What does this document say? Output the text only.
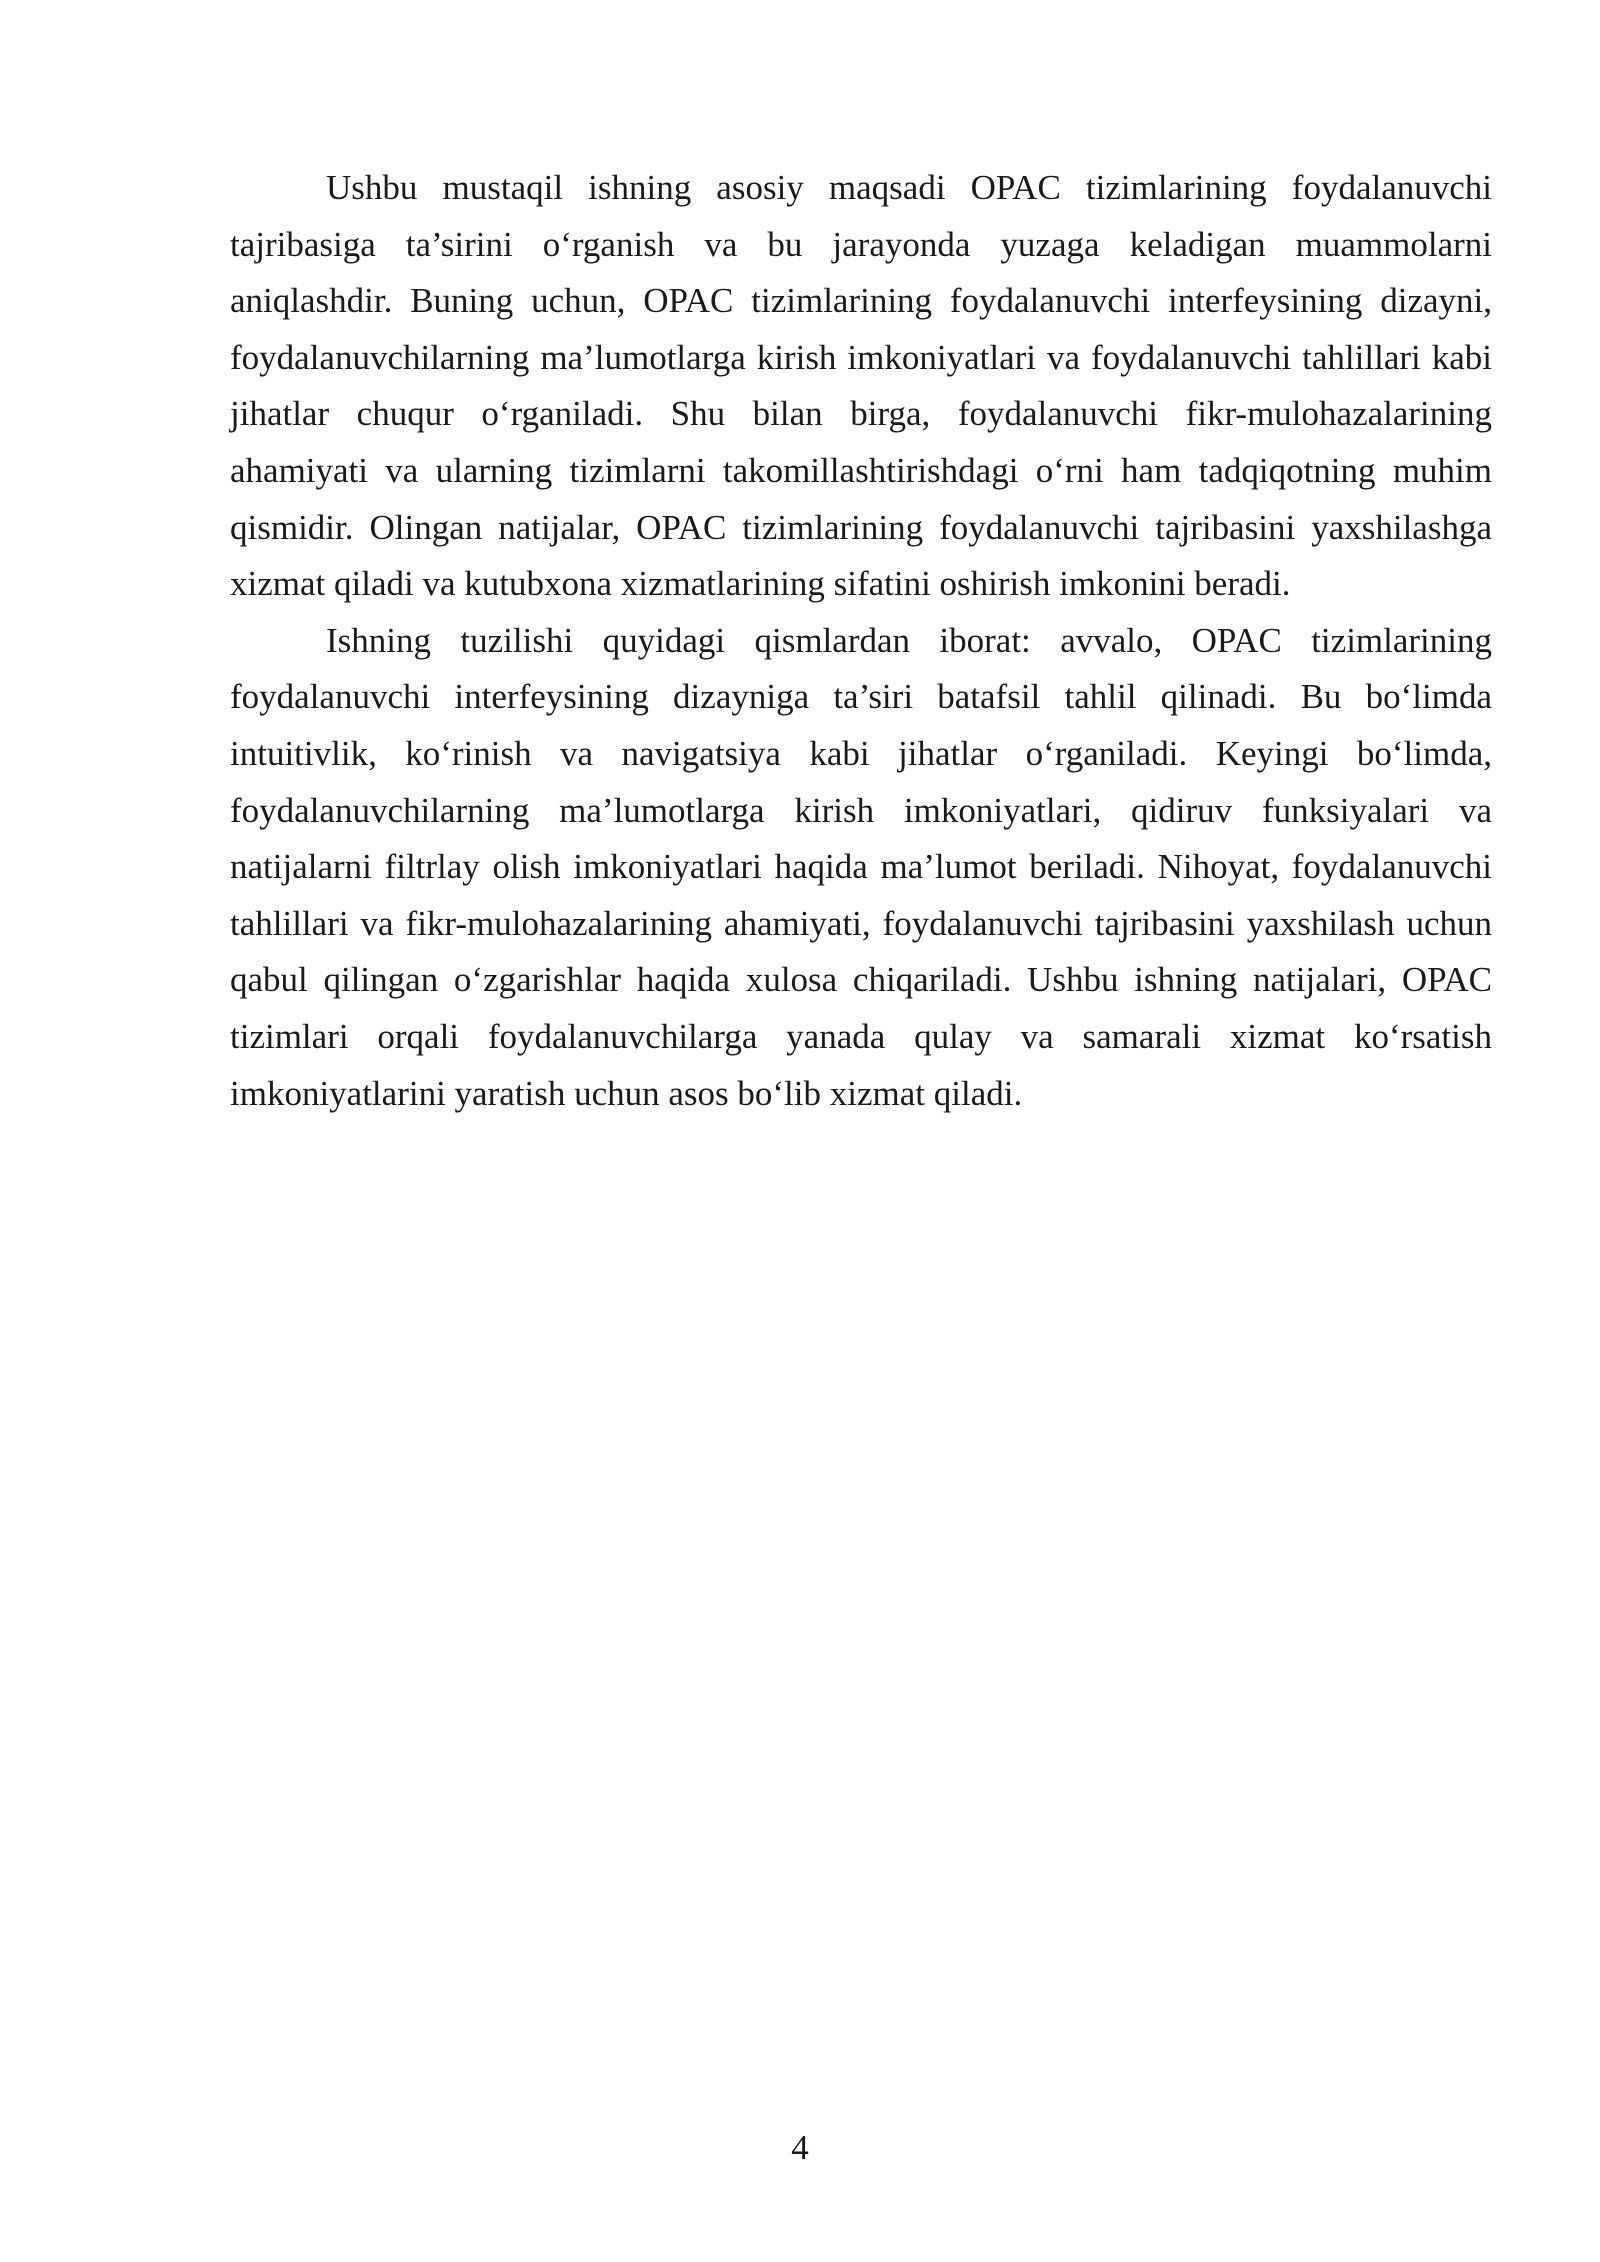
Ushbu mustaqil ishning asosiy maqsadi OPAC tizimlarining foydalanuvchi tajribasiga ta’sirini o‘rganish va bu jarayonda yuzaga keladigan muammolarni aniqlashdir. Buning uchun, OPAC tizimlarining foydalanuvchi interfeysining dizayni, foydalanuvchilarning ma’lumotlarga kirish imkoniyatlari va foydalanuvchi tahlillari kabi jihatlar chuqur o‘rganiladi. Shu bilan birga, foydalanuvchi fikr-mulohazalarining ahamiyati va ularning tizimlarni takomillashtirishdagi o‘rni ham tadqiqotning muhim qismidir. Olingan natijalar, OPAC tizimlarining foydalanuvchi tajribasini yaxshilashga xizmat qiladi va kutubxona xizmatlarining sifatini oshirish imkonini beradi.

Ishning tuzilishi quyidagi qismlardan iborat: avvalo, OPAC tizimlarining foydalanuvchi interfeysining dizayniga ta’siri batafsil tahlil qilinadi. Bu bo‘limda intuitivlik, ko‘rinish va navigatsiya kabi jihatlar o‘rganiladi. Keyingi bo‘limda, foydalanuvchilarning ma’lumotlarga kirish imkoniyatlari, qidiruv funksiyalari va natijalarni filtrlay olish imkoniyatlari haqida ma’lumot beriladi. Nihoyat, foydalanuvchi tahlillari va fikr-mulohazalarining ahamiyati, foydalanuvchi tajribasini yaxshilash uchun qabul qilingan o‘zgarishlar haqida xulosa chiqariladi. Ushbu ishning natijalari, OPAC tizimlari orqali foydalanuvchilarga yanada qulay va samarali xizmat ko‘rsatish imkoniyatlarini yaratish uchun asos bo‘lib xizmat qiladi.

4
